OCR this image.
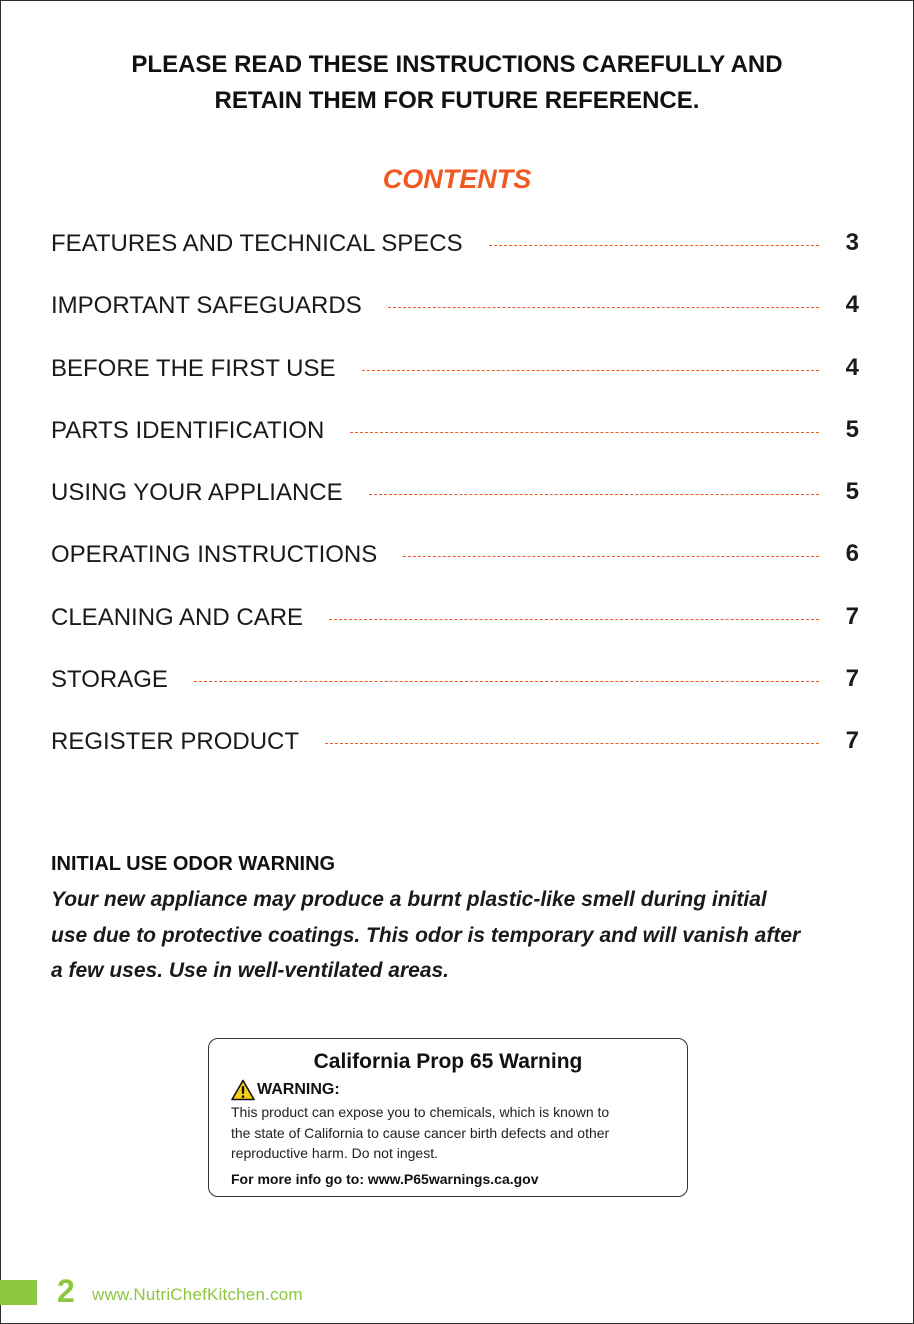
PLEASE READ THESE INSTRUCTIONS CAREFULLY AND
RETAIN THEM FOR FUTURE REFERENCE.
CONTENTS
FEATURES AND TECHNICAL SPECS	3
IMPORTANT SAFEGUARDS	4
BEFORE THE FIRST USE	4
PARTS IDENTIFICATION	5
USING YOUR APPLIANCE	5
OPERATING INSTRUCTIONS	6
CLEANING AND CARE	7
STORAGE	7
REGISTER PRODUCT	7
INITIAL USE ODOR WARNING
Your new appliance may produce a burnt plastic-like smell during initial
use due to protective coatings. This odor is temporary and will vanish after
a few uses. Use in well-ventilated areas.
California Prop 65 Warning
WARNING:
This product can expose you to chemicals, which is known to
the state of California to cause cancer birth defects and other
reproductive harm. Do not ingest.
For more info go to: www.P65warnings.ca.gov
2 www.NutriChefKitchen.com
